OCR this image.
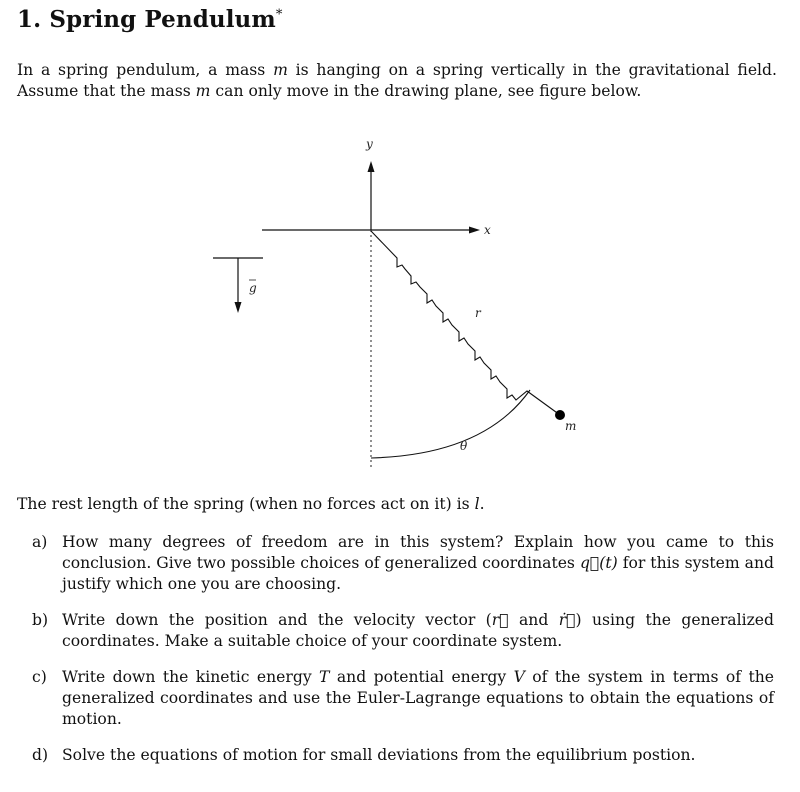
1. Spring Pendulum*

In a spring pendulum, a mass m is hanging on a spring vertically in the gravitational field. Assume that the mass m can only move in the drawing plane, see figure below.

y
x
g
r
m
θ

The rest length of the spring (when no forces act on it) is l.

a) How many degrees of freedom are in this system? Explain how you came to this conclusion. Give two possible choices of generalized coordinates q⃗(t) for this system and justify which one you are choosing.
b) Write down the position and the velocity vector (r⃗ and ṙ⃗) using the generalized coordinates. Make a suitable choice of your coordinate system.
c) Write down the kinetic energy T and potential energy V of the system in terms of the generalized coordinates and use the Euler-Lagrange equations to obtain the equations of motion.
d) Solve the equations of motion for small deviations from the equilibrium postion.
